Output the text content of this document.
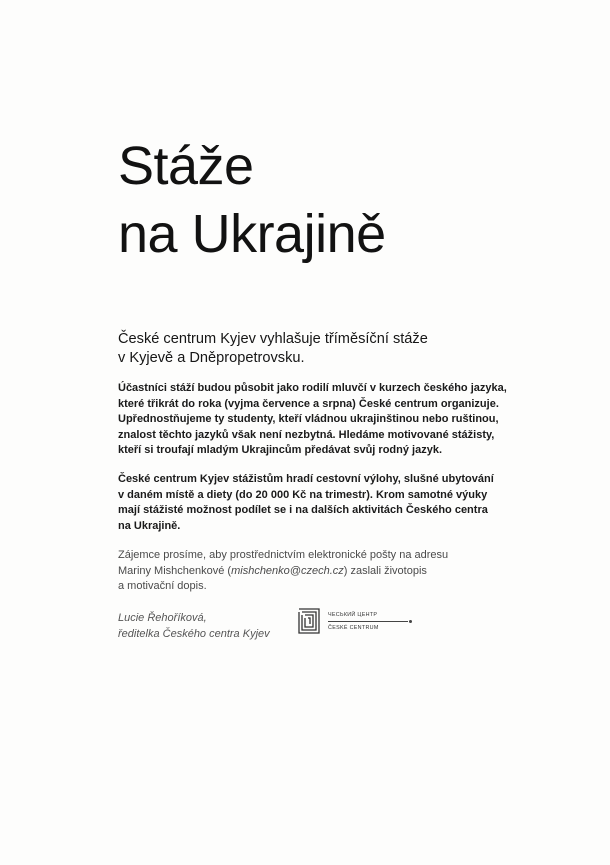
Stáže
na Ukrajině

České centrum Kyjev vyhlašuje tříměsíční stáže
v Kyjevě a Dněpropetrovsku.

Účastníci stáží budou působit jako rodilí mluvčí v kurzech českého jazyka,
které třikrát do roka (vyjma července a srpna) České centrum organizuje.
Upřednostňujeme ty studenty, kteří vládnou ukrajinštinou nebo ruštinou,
znalost těchto jazyků však není nezbytná. Hledáme motivované stážisty,
kteří si troufají mladým Ukrajincům předávat svůj rodný jazyk.

České centrum Kyjev stážistům hradí cestovní výlohy, slušné ubytování
v daném místě a diety (do 20 000 Kč na trimestr). Krom samotné výuky
mají stážisté možnost podílet se i na dalších aktivitách Českého centra
na Ukrajině.

Zájemce prosíme, aby prostřednictvím elektronické pošty na adresu
Mariny Mishchenkové (mishchenko@czech.cz) zaslali životopis
a motivační dopis.

Lucie Řehoříková,
ředitelka Českého centra Kyjev

ЧЕСЬКИЙ ЦЕНТР
ČESKÉ CENTRUM
